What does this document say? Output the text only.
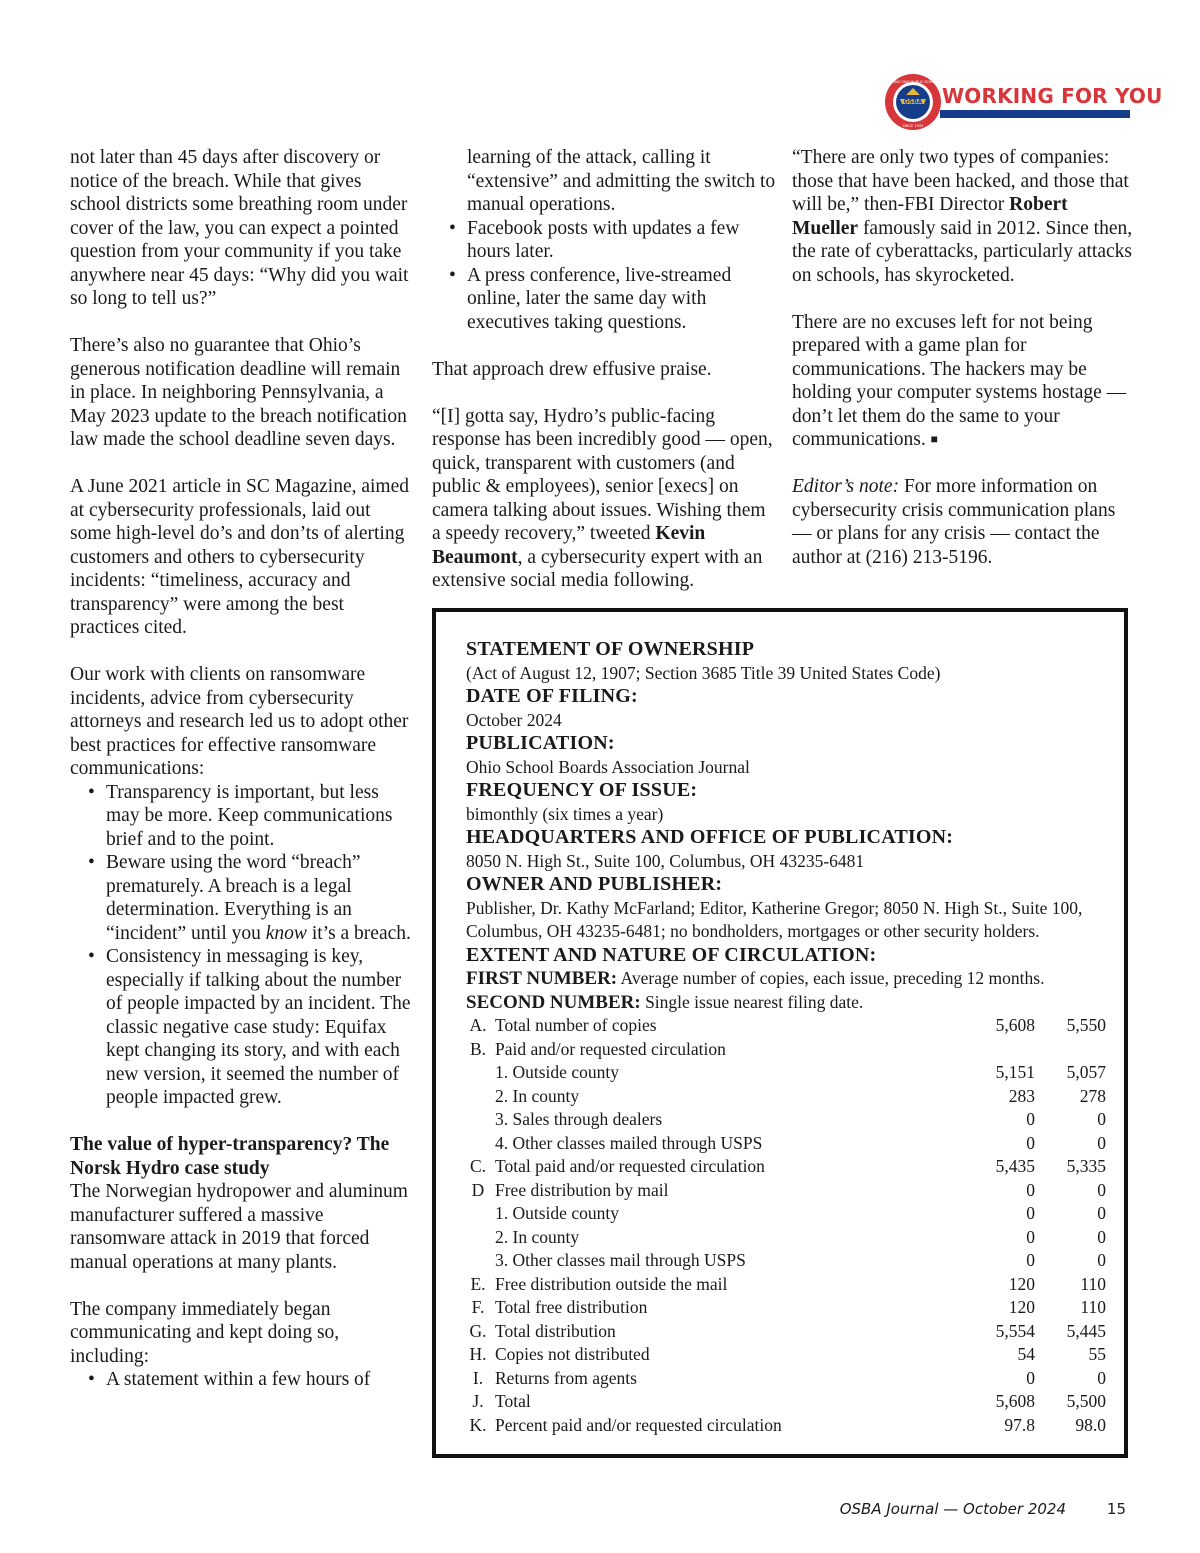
OSBA
SERVING OHIO PUBLIC SCHOOLS
SINCE 1955
WORKING FOR YOU

not later than 45 days after discovery or notice of the breach. While that gives school districts some breathing room under cover of the law, you can expect a pointed question from your community if you take anywhere near 45 days: “Why did you wait so long to tell us?”

There’s also no guarantee that Ohio’s generous notification deadline will remain in place. In neighboring Pennsylvania, a May 2023 update to the breach notification law made the school deadline seven days.

A June 2021 article in SC Magazine, aimed at cybersecurity professionals, laid out some high-level do’s and don’ts of alerting customers and others to cybersecurity incidents: “timeliness, accuracy and transparency” were among the best practices cited.

Our work with clients on ransomware incidents, advice from cybersecurity attorneys and research led us to adopt other best practices for effective ransomware communications:

• Transparency is important, but less may be more. Keep communications brief and to the point.
• Beware using the word “breach” prematurely. A breach is a legal determination. Everything is an “incident” until you know it’s a breach.
• Consistency in messaging is key, especially if talking about the number of people impacted by an incident. The classic negative case study: Equifax kept changing its story, and with each new version, it seemed the number of people impacted grew.

The value of hyper-transparency? The Norsk Hydro case study

The Norwegian hydropower and aluminum manufacturer suffered a massive ransomware attack in 2019 that forced manual operations at many plants.

The company immediately began communicating and kept doing so, including:

• A statement within a few hours of

learning of the attack, calling it “extensive” and admitting the switch to manual operations.

• Facebook posts with updates a few hours later.
• A press conference, live-streamed online, later the same day with executives taking questions.

That approach drew effusive praise.

“[I] gotta say, Hydro’s public-facing response has been incredibly good — open, quick, transparent with customers (and public & employees), senior [execs] on camera talking about issues. Wishing them a speedy recovery,” tweeted Kevin Beaumont, a cybersecurity expert with an extensive social media following.

“There are only two types of companies: those that have been hacked, and those that will be,” then-FBI Director Robert Mueller famously said in 2012. Since then, the rate of cyberattacks, particularly attacks on schools, has skyrocketed.

There are no excuses left for not being prepared with a game plan for communications. The hackers may be holding your computer systems hostage — don’t let them do the same to your communications. ■

Editor’s note: For more information on cybersecurity crisis communication plans — or plans for any crisis — contact the author at (216) 213-5196.

STATEMENT OF OWNERSHIP
(Act of August 12, 1907; Section 3685 Title 39 United States Code)
DATE OF FILING:
October 2024
PUBLICATION:
Ohio School Boards Association Journal
FREQUENCY OF ISSUE:
bimonthly (six times a year)
HEADQUARTERS AND OFFICE OF PUBLICATION:
8050 N. High St., Suite 100, Columbus, OH 43235-6481
OWNER AND PUBLISHER:
Publisher, Dr. Kathy McFarland; Editor, Katherine Gregor; 8050 N. High St., Suite 100, Columbus, OH 43235-6481; no bondholders, mortgages or other security holders.
EXTENT AND NATURE OF CIRCULATION:
FIRST NUMBER: Average number of copies, each issue, preceding 12 months.
SECOND NUMBER: Single issue nearest filing date.
A. Total number of copies	5,608 5,550
B. Paid and/or requested circulation
1. Outside county	5,151 5,057
2. In county	283	278
3. Sales through dealers	0	0
4. Other classes mailed through USPS	0	0
C. Total paid and/or requested circulation	5,435 5,335
D Free distribution by mail	0	0
1. Outside county	0	0
2. In county	0	0
3. Other classes mail through USPS	0	0
E. Free distribution outside the mail	120	110
F. Total free distribution	120	110
G. Total distribution	5,554 5,445
H. Copies not distributed	54	55
I. Returns from agents	0	0
J. Total	5,608 5,500
K. Percent paid and/or requested circulation	97.8 98.0
OSBA Journal — October 2024	15
